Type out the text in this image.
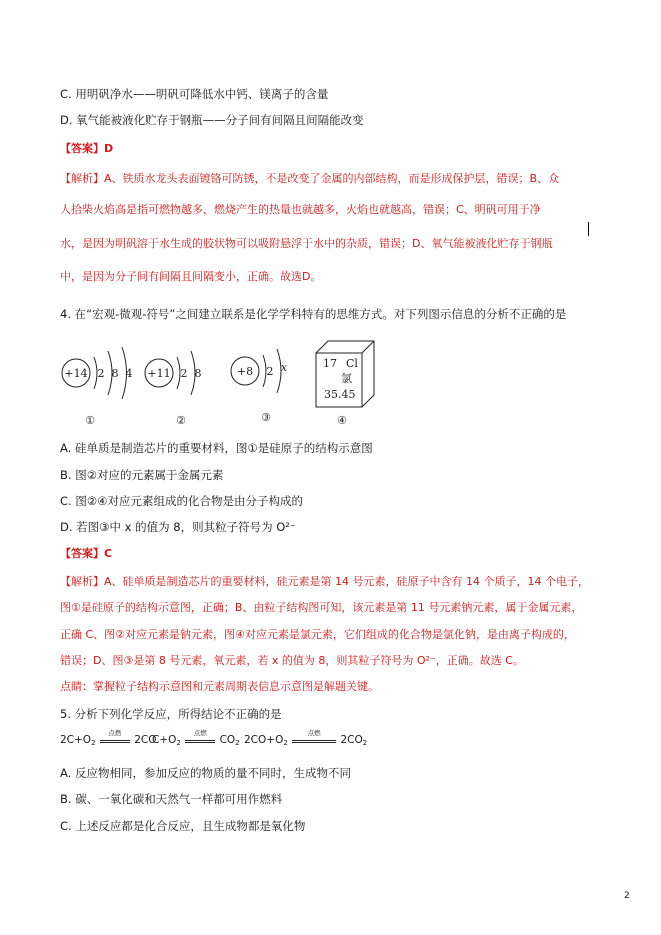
C. 用明矾净水——明矾可降低水中钙、镁离子的含量
D. 氧气能被液化贮存于钢瓶——分子间有间隔且间隔能改变
【答案】D
【解析】A、铁质水龙头表面镀铬可防锈，不是改变了金属的内部结构，而是形成保护层，错误；B、众
人拾柴火焰高是指可燃物越多，燃烧产生的热量也就越多，火焰也就越高，错误；C、明矾可用于净
水，是因为明矾溶于水生成的胶状物可以吸附悬浮于水中的杂质，错误；D、氧气能被液化贮存于钢瓶
中，是因为分子间有间隔且间隔变小，正确。故选D。
4. 在“宏观-微观-符号”之间建立联系是化学学科特有的思维方式。对下列图示信息的分析不正确的是
+14 2 8 4
①
+11 2 8
②
+8 2 x
③
17 Cl
氯
35.45
④
A. 硅单质是制造芯片的重要材料，图①是硅原子的结构示意图
B. 图②对应的元素属于金属元素
C. 图②④对应元素组成的化合物是由分子构成的
D. 若图③中 x 的值为 8，则其粒子符号为 O²⁻
【答案】C
【解析】A、硅单质是制造芯片的重要材料，硅元素是第 14 号元素，硅原子中含有 14 个质子，14 个电子，
图①是硅原子的结构示意图，正确；B、由粒子结构图可知，该元素是第 11 号元素钠元素，属于金属元素，
正确 C、图②对应元素是钠元素，图④对应元素是氯元素，它们组成的化合物是氯化钠，是由离子构成的，
错误；D、图③是第 8 号元素，氧元素，若 x 的值为 8，则其粒子符号为 O²⁻，正确。故选 C。
点睛：掌握粒子结构示意图和元素周期表信息示意图是解题关键。
5. 分析下列化学反应，所得结论不正确的是
$2C+O_2$
点燃
2CO
$C+O_2$
点燃
$CO_2$ $2CO+O_2$
点燃
$2CO_2$
A. 反应物相同，参加反应的物质的量不同时，生成物不同
B. 碳、一氧化碳和天然气一样都可用作燃料
C. 上述反应都是化合反应，且生成物都是氧化物
2
